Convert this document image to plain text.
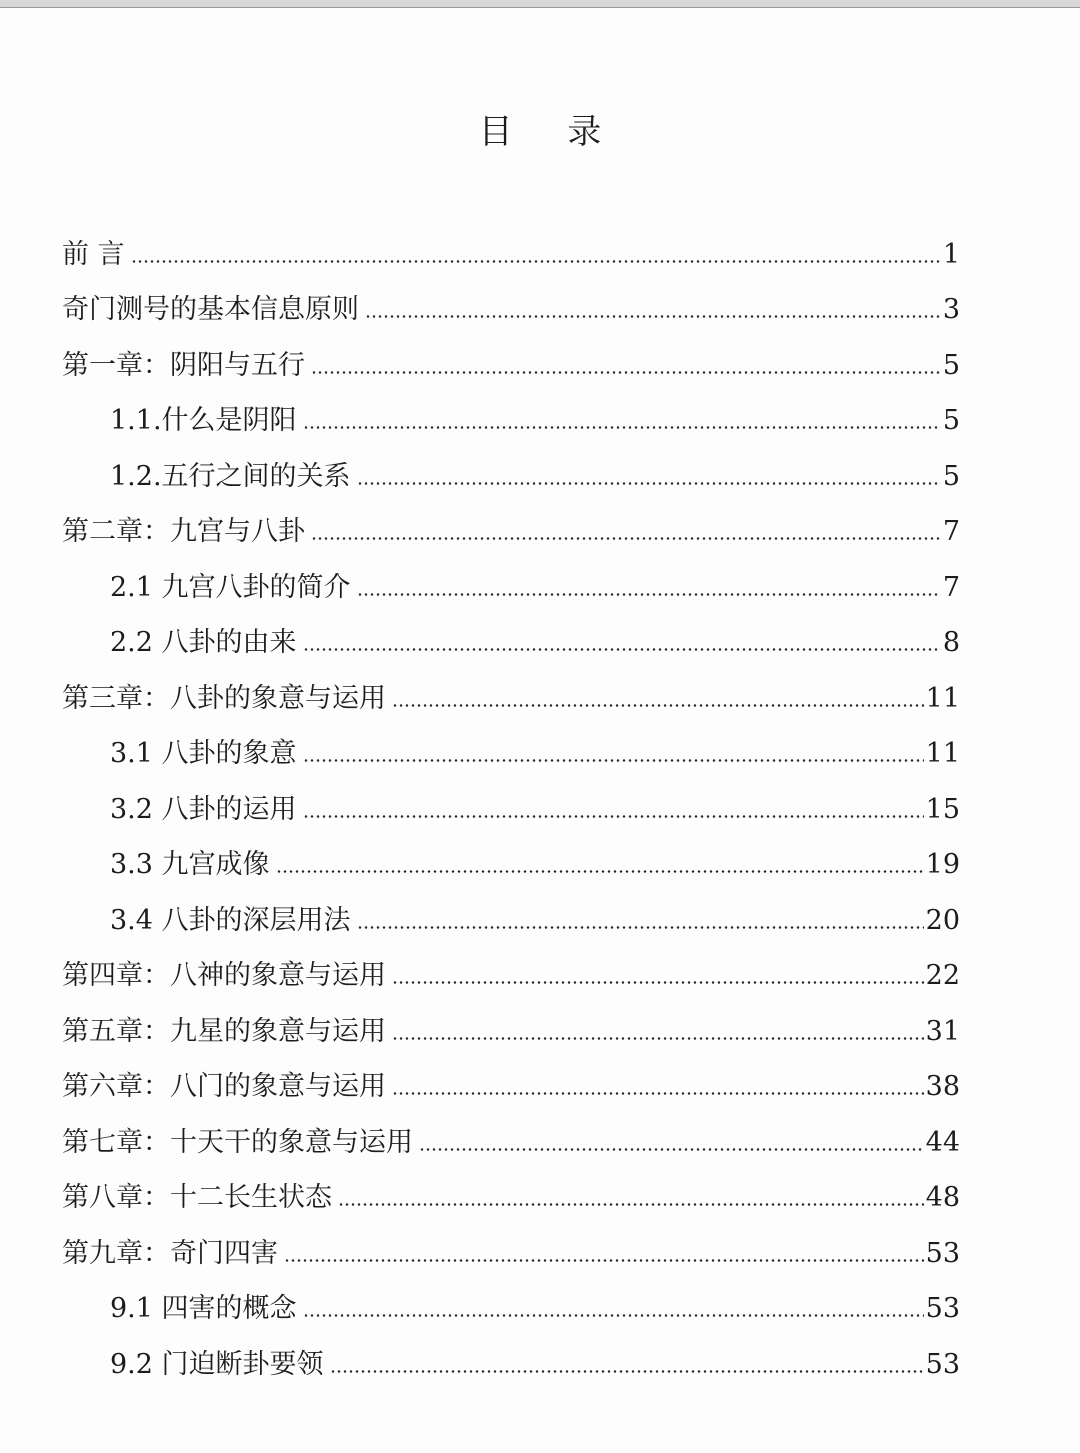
目 录
前 言	1
奇门测号的基本信息原则	3
第一章：阴阳与五行	5
1.1.什么是阴阳	5
1.2.五行之间的关系	5
第二章：九宫与八卦	7
2.1 九宫八卦的简介	7
2.2 八卦的由来	8
第三章：八卦的象意与运用	11
3.1 八卦的象意	11
3.2 八卦的运用	15
3.3 九宫成像	19
3.4 八卦的深层用法	20
第四章：八神的象意与运用	22
第五章：九星的象意与运用	31
第六章：八门的象意与运用	38
第七章：十天干的象意与运用	44
第八章：十二长生状态	48
第九章：奇门四害	53
9.1 四害的概念	53
9.2 门迫断卦要领	53
